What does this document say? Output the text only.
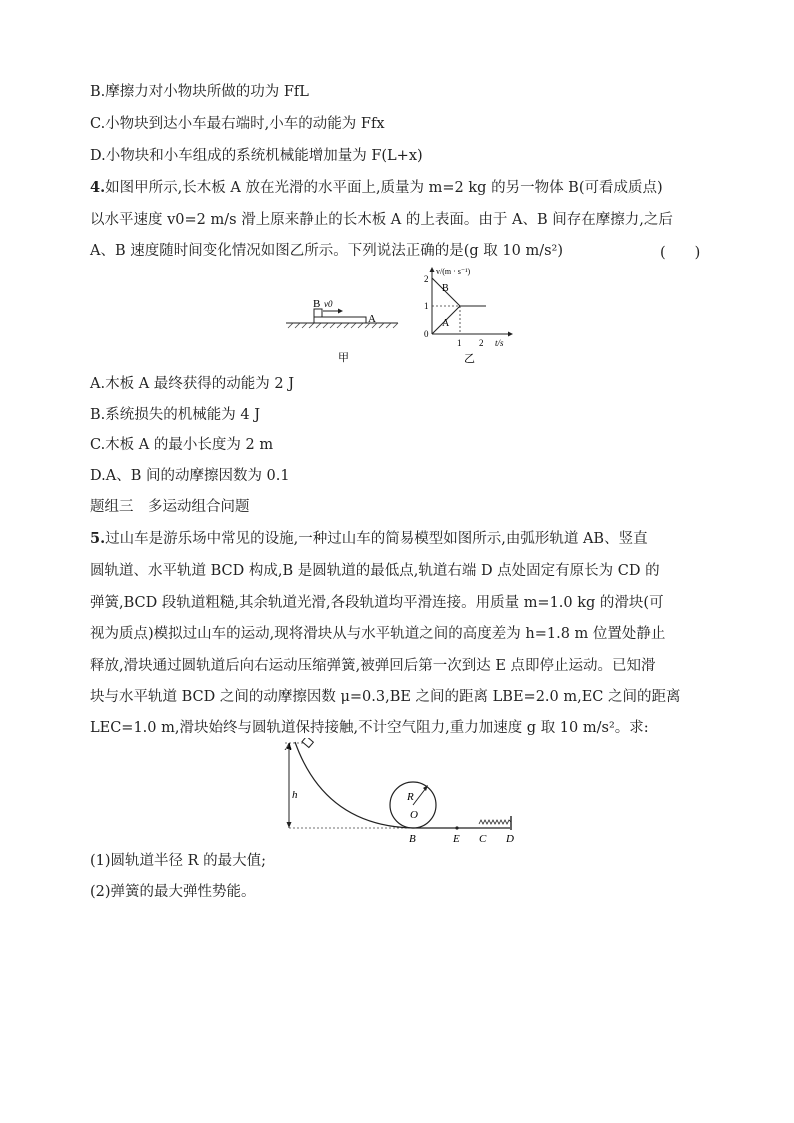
B.摩擦力对小物块所做的功为 FfL
C.小物块到达小车最右端时,小车的动能为 Ffx
D.小物块和小车组成的系统机械能增加量为 F(L+x)
4.如图甲所示,长木板 A 放在光滑的水平面上,质量为 m=2 kg 的另一物体 B(可看成质点)
以水平速度 v0=2 m/s 滑上原来静止的长木板 A 的上表面。由于 A、B 间存在摩擦力,之后
A、B 速度随时间变化情况如图乙所示。下列说法正确的是(g 取 10 m/s²)	(　　)
B v0
A
甲
v/(m · s⁻¹)
2
1
0
1 2 t/s
B
A
乙
A.木板 A 最终获得的动能为 2 J
B.系统损失的机械能为 4 J
C.木板 A 的最小长度为 2 m
D.A、B 间的动摩擦因数为 0.1
题组三　多运动组合问题
5.过山车是游乐场中常见的设施,一种过山车的简易模型如图所示,由弧形轨道 AB、竖直
圆轨道、水平轨道 BCD 构成,B 是圆轨道的最低点,轨道右端 D 点处固定有原长为 CD 的
弹簧,BCD 段轨道粗糙,其余轨道光滑,各段轨道均平滑连接。用质量 m=1.0 kg 的滑块(可
视为质点)模拟过山车的运动,现将滑块从与水平轨道之间的高度差为 h=1.8 m 位置处静止
释放,滑块通过圆轨道后向右运动压缩弹簧,被弹回后第一次到达 E 点即停止运动。已知滑
块与水平轨道 BCD 之间的动摩擦因数 μ=0.3,BE 之间的距离 LBE=2.0 m,EC 之间的距离
LEC=1.0 m,滑块始终与圆轨道保持接触,不计空气阻力,重力加速度 g 取 10 m/s²。求:
A
h	R
O
B	E C D
(1)圆轨道半径 R 的最大值;
(2)弹簧的最大弹性势能。
